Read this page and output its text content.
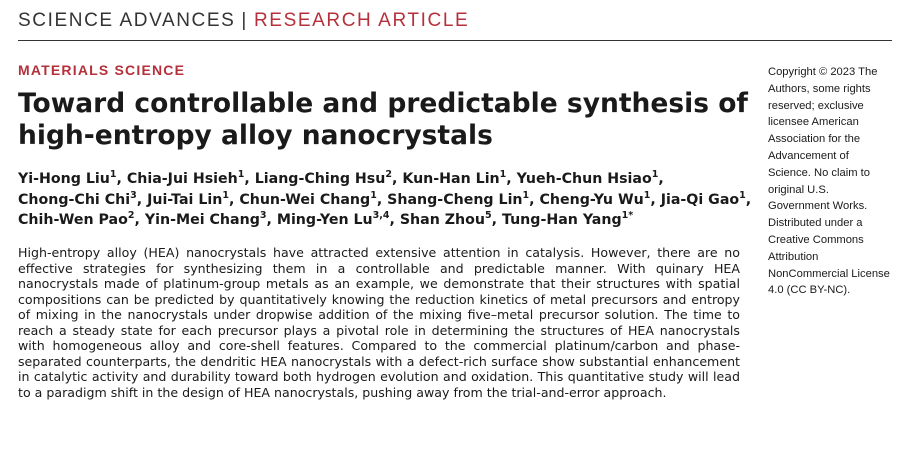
SCIENCE ADVANCES | RESEARCH ARTICLE
MATERIALS SCIENCE
Toward controllable and predictable synthesis of high-entropy alloy nanocrystals
Yi-Hong Liu$^1$, Chia-Jui Hsieh$^1$, Liang-Ching Hsu$^2$, Kun-Han Lin$^1$, Yueh-Chun Hsiao$^1$, Chong-Chi Chi$^3$, Jui-Tai Lin$^1$, Chun-Wei Chang$^1$, Shang-Cheng Lin$^1$, Cheng-Yu Wu$^1$, Jia-Qi Gao$^1$, Chih-Wen Pao$^2$, Yin-Mei Chang$^3$, Ming-Yen Lu$^{3,4}$, Shan Zhou$^5$, Tung-Han Yang$^{1*}$

High-entropy alloy (HEA) nanocrystals have attracted extensive attention in catalysis. However, there are no effective strategies for synthesizing them in a controllable and predictable manner. With quinary HEA nanocrystals made of platinum-group metals as an example, we demonstrate that their structures with spatial compositions can be predicted by quantitatively knowing the reduction kinetics of metal precursors and entropy of mixing in the nanocrystals under dropwise addition of the mixing five–metal precursor solution. The time to reach a steady state for each precursor plays a pivotal role in determining the structures of HEA nanocrystals with homogeneous alloy and core-shell features. Compared to the commercial platinum/carbon and phase-separated counterparts, the dendritic HEA nanocrystals with a defect-rich surface show substantial enhancement in catalytic activity and durability toward both hydrogen evolution and oxidation. This quantitative study will lead to a paradigm shift in the design of HEA nanocrystals, pushing away from the trial-and-error approach.

Copyright © 2023 The Authors, some rights reserved; exclusive licensee American Association for the Advancement of Science. No claim to original U.S. Government Works. Distributed under a Creative Commons Attribution NonCommercial License 4.0 (CC BY-NC).
